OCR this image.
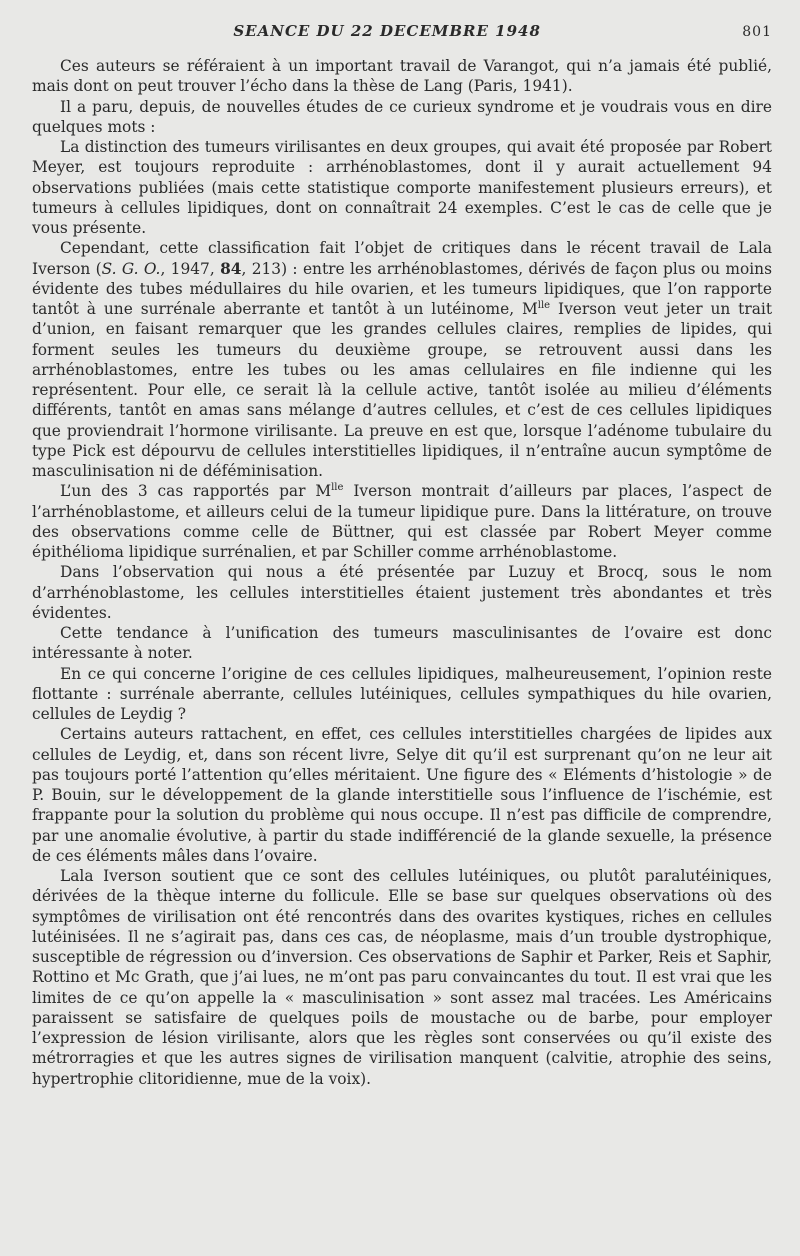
SEANCE DU 22 DECEMBRE 1948	801

Ces auteurs se référaient à un important travail de Varangot, qui n’a jamais été publié, mais dont on peut trouver l’écho dans la thèse de Lang (Paris, 1941).

Il a paru, depuis, de nouvelles études de ce curieux syndrome et je voudrais vous en dire quelques mots :

La distinction des tumeurs virilisantes en deux groupes, qui avait été proposée par Robert Meyer, est toujours reproduite : arrhénoblastomes, dont il y aurait actuellement 94 observations publiées (mais cette statistique comporte manifestement plusieurs erreurs), et tumeurs à cellules lipidiques, dont on connaîtrait 24 exemples. C’est le cas de celle que je vous présente.

Cependant, cette classification fait l’objet de critiques dans le récent travail de Lala Iverson (S. G. O., 1947, 84, 213) : entre les arrhénoblastomes, dérivés de façon plus ou moins évidente des tubes médullaires du hile ovarien, et les tumeurs lipidiques, que l’on rapporte tantôt à une surrénale aberrante et tantôt à un lutéinome, $M^{lle}$ Iverson veut jeter un trait d’union, en faisant remarquer que les grandes cellules claires, remplies de lipides, qui forment seules les tumeurs du deuxième groupe, se retrouvent aussi dans les arrhénoblastomes, entre les tubes ou les amas cellulaires en file indienne qui les représentent. Pour elle, ce serait là la cellule active, tantôt isolée au milieu d’éléments différents, tantôt en amas sans mélange d’autres cellules, et c’est de ces cellules lipidiques que proviendrait l’hormone virilisante. La preuve en est que, lorsque l’adénome tubulaire du type Pick est dépourvu de cellules interstitielles lipidiques, il n’entraîne aucun symptôme de masculinisation ni de déféminisation.

L’un des 3 cas rapportés par $M^{lle}$ Iverson montrait d’ailleurs par places, l’aspect de l’arrhénoblastome, et ailleurs celui de la tumeur lipidique pure. Dans la littérature, on trouve des observations comme celle de Büttner, qui est classée par Robert Meyer comme épithélioma lipidique surrénalien, et par Schiller comme arrhénoblastome.

Dans l’observation qui nous a été présentée par Luzuy et Brocq, sous le nom d’arrhénoblastome, les cellules interstitielles étaient justement très abondantes et très évidentes.

Cette tendance à l’unification des tumeurs masculinisantes de l’ovaire est donc intéressante à noter.

En ce qui concerne l’origine de ces cellules lipidiques, malheureusement, l’opinion reste flottante : surrénale aberrante, cellules lutéiniques, cellules sympathiques du hile ovarien, cellules de Leydig ?

Certains auteurs rattachent, en effet, ces cellules interstitielles chargées de lipides aux cellules de Leydig, et, dans son récent livre, Selye dit qu’il est surprenant qu’on ne leur ait pas toujours porté l’attention qu’elles méritaient. Une figure des « Eléments d’histologie » de P. Bouin, sur le développement de la glande interstitielle sous l’influence de l’ischémie, est frappante pour la solution du problème qui nous occupe. Il n’est pas difficile de comprendre, par une anomalie évolutive, à partir du stade indifférencié de la glande sexuelle, la présence de ces éléments mâles dans l’ovaire.

Lala Iverson soutient que ce sont des cellules lutéiniques, ou plutôt paralutéiniques, dérivées de la thèque interne du follicule. Elle se base sur quelques observations où des symptômes de virilisation ont été rencontrés dans des ovarites kystiques, riches en cellules lutéinisées. Il ne s’agirait pas, dans ces cas, de néoplasme, mais d’un trouble dystrophique, susceptible de régression ou d’inversion. Ces observations de Saphir et Parker, Reis et Saphir, Rottino et Mc Grath, que j’ai lues, ne m’ont pas paru convaincantes du tout. Il est vrai que les limites de ce qu’on appelle la « masculinisation » sont assez mal tracées. Les Américains paraissent se satisfaire de quelques poils de moustache ou de barbe, pour employer l’expression de lésion virilisante, alors que les règles sont conservées ou qu’il existe des métrorragies et que les autres signes de virilisation manquent (calvitie, atrophie des seins, hypertrophie clitoridienne, mue de la voix).
